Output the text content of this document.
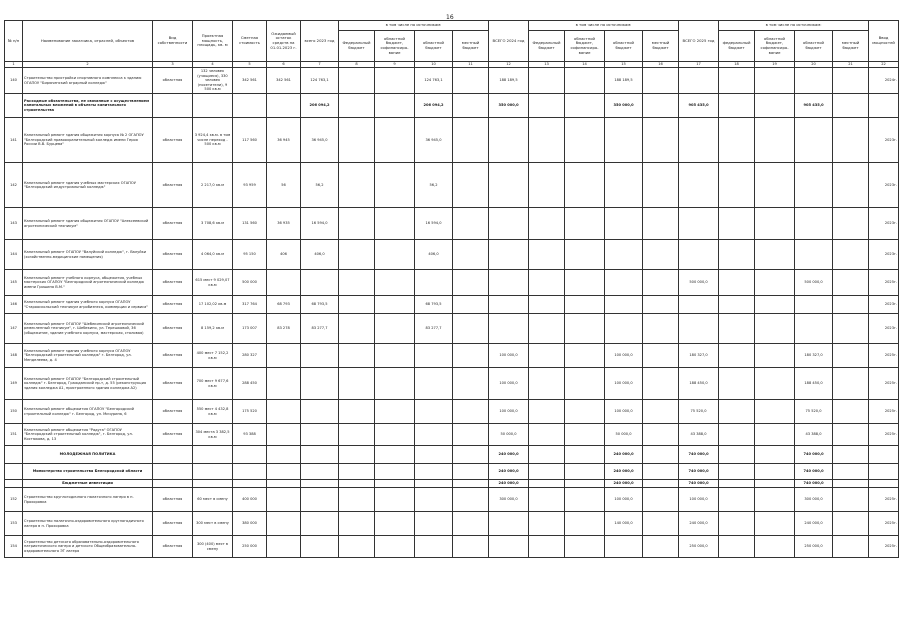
16
№ п/п	Наименование заказчика, отраслей, объектов	Вид собственности	Проектная мощность, площадь, кв. м	Сметная стоимость	Ожидаемый остаток средств на 01.01.2023 г.	всего 2023 год	в том числе по источникам:				ВСЕГО 2024 год	в том числе по источникам:				ВСЕГО 2025 год	в том числе по источникам:				Ввод мощностей
							Федеральный бюджет	областной бюджет, софинансиро-вание	областной бюджет	местный бюджет		Федеральный бюджет	областной бюджет, софинансиро-вание	областной бюджет	местный бюджет		федеральный бюджет	областной бюджет, софинансиро-вание	областной бюджет	местный бюджет	
1	2	3	4	5	6	7	8	9	10	11	12	13	14	15	16	17	18	19	20	21	22
140	Строительство пристройки спортивного комплекса к зданию ОГАПОУ "Бирюченский аграрный колледж"	областная	132 человек (учащиеся), 330 человек (посетители), 9 500 кв.м	342 561	342 561	124 763,1			124 763,1		188 189,5			188 189,5							2024г.
	Расходные обязательства, не связанные с осуществлением капитальных вложений в объекты капитального строительства					206 094,2			206 094,2		350 000,0			350 000,0		905 435,0			905 435,0		
141	Капитальный ремонт здания общежития корпуса № 2 ОГАПОУ "Белгородский правоохранительный колледж имени Героя России В.В. Бурцева"	областная	3 924,4 кв.м. в том числе переход - 500 кв.м	117 560	36 945	36 945,0			36 945,0												2023г.
142	Капитальный ремонт здания учебных мастерских ОГАПОУ "Белгородский индустриальный колледж"	областная	2 217,0 кв.м	93 959	56	56,2			56,2												2023г.
143	Капитальный ремонт здания общежития ОГАПОУ "Алексеевский агротехнический техникум"	областная	3 708,6 кв.м	131 560	36 935	16 594,0			16 594,0												2023г.
144	Капитальный ремонт ОГАПОУ "Валуйский колледж", г. Валуйки (хозяйственно-медицинские помещения)	областная	4 064,0 кв.м	95 150	406	406,0			406,0												2023г.
145	Капитальный ремонт учебного корпуса, общежития, учебных мастерских ОГАПОУ "Белгородский агротехнический колледж имени Гришина В.М."	областная	615 мест 9 029,07 кв.м	500 000												500 000,0			500 000,0		2025г.
146	Капитальный ремонт здания учебного корпуса ОГАПОУ "Старооскольский техникум агробизнеса, коммерции и сервиса"	областная	17 102,02 кв.м	317 764	68 793	68 793,5			68 793,5												2023г.
147	Капитальный ремонт ОГАПОУ "Шебекинский агротехнический ремесленный техникум", г. Шебекино, ул. Терешковой, 36 (общежитие, здание учебного корпуса, мастерская, столовая)	областная	8 159,2 кв.м	173 007	83 278	83 277,7			83 277,7												2023г.
148	Капитальный ремонт здания учебного корпуса ОГАПОУ "Белгородский строительный колледж" г. Белгород, ул. Менделеева, д. 4	областная	400 мест 7 152,2 кв.м	280 327							100 000,0			100 000,0		180 327,0			180 327,0		2025г.
149	Капитальный ремонт ОГАПОУ "Белгородский строительный колледж" г. Белгород, Гражданский пр-т, д. 55 (реконструкция здания колледжа А1, пристроенного здания колледжа А2)	областная	700 мест 9 677,6 кв.м	288 450							100 000,0			100 000,0		188 450,0			188 450,0		2025г.
150	Капитальный ремонт общежития ОГАПОУ "Белгородский строительный колледж" г. Белгород, ул. Мичурина, 6	областная	550 мест 4 432,8 кв.м	175 520							100 000,0			100 000,0		75 520,0			75 520,0		2025г.
151	Капитальный ремонт общежития "Радуга" ОГАПОУ "Белгородский строительный колледж", г. Белгород, ул. Костюкова, д. 13	областная	304 места 3 382,5 кв.м	93 388							50 000,0			50 000,0		43 388,0			43 388,0		2025г.
	МОЛОДЕЖНАЯ ПОЛИТИКА										240 000,0			240 000,0		740 000,0			740 000,0		
	Министерство строительства Белгородской области										240 000,0			240 000,0		740 000,0			740 000,0		
	Бюджетные инвестиции										240 000,0			240 000,0		740 000,0			740 000,0		
152	Строительство круглогодичного палаточного лагеря в п. Прохоровка	областная	60 мест в смену	400 000							300 000,0			100 000,0		100 000,0			300 000,0		2025г.
153	Строительство палаточно-оздоровительного круглогодичного лагеря в п. Прохоровка	областная	300 мест в смену	380 000										140 000,0		240 000,0			240 000,0		2025г.
154	Строительство детского образовательно-оздоровительного патриотического лагеря и детского Общеобразовательно-оздоровительного ЭТ лагеря	областная	300 (400) мест в смену	250 000												250 000,0			250 000,0		2025г.
